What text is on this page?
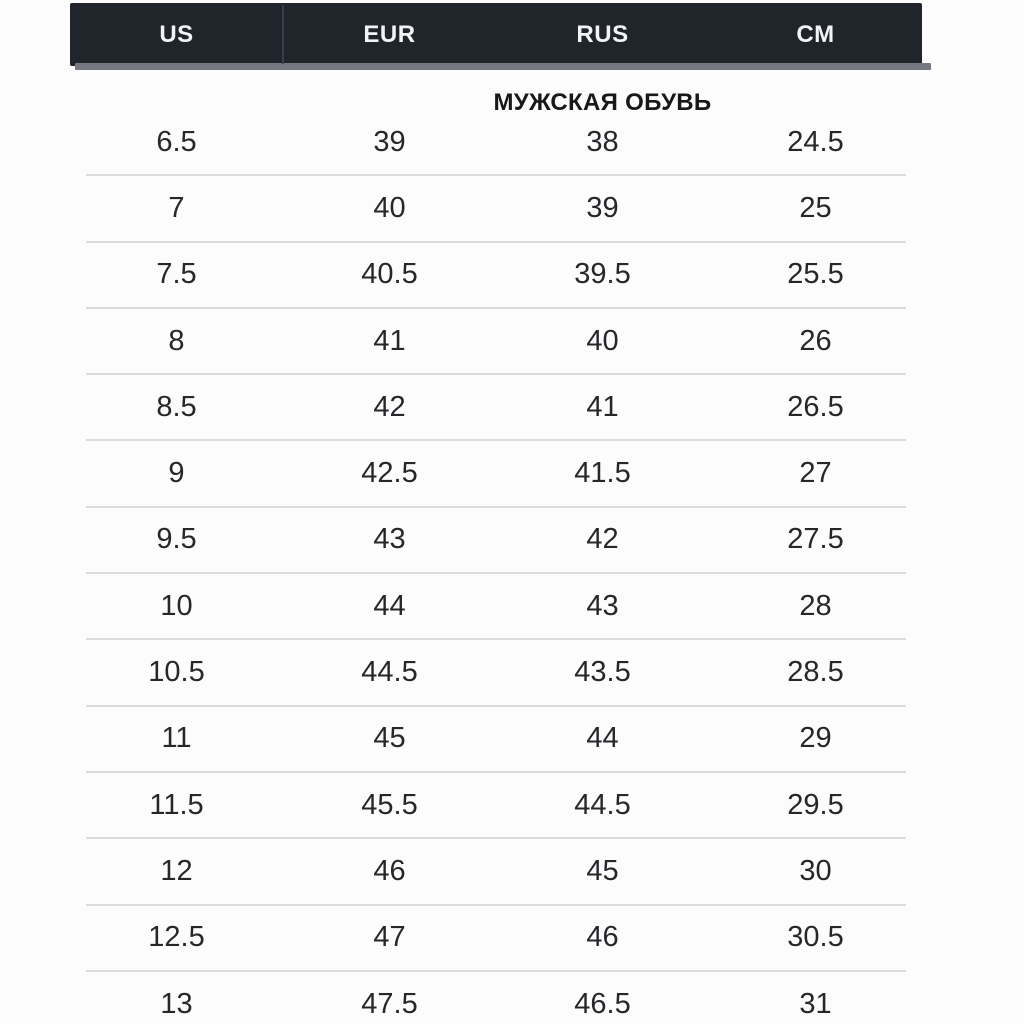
US	EUR	RUS	CM
МУЖСКАЯ ОБУВЬ
6.5	39	38	24.5
7	40	39	25
7.5	40.5	39.5	25.5
8	41	40	26
8.5	42	41	26.5
9	42.5	41.5	27
9.5	43	42	27.5
10	44	43	28
10.5	44.5	43.5	28.5
11	45	44	29
11.5	45.5	44.5	29.5
12	46	45	30
12.5	47	46	30.5
13	47.5	46.5	31
